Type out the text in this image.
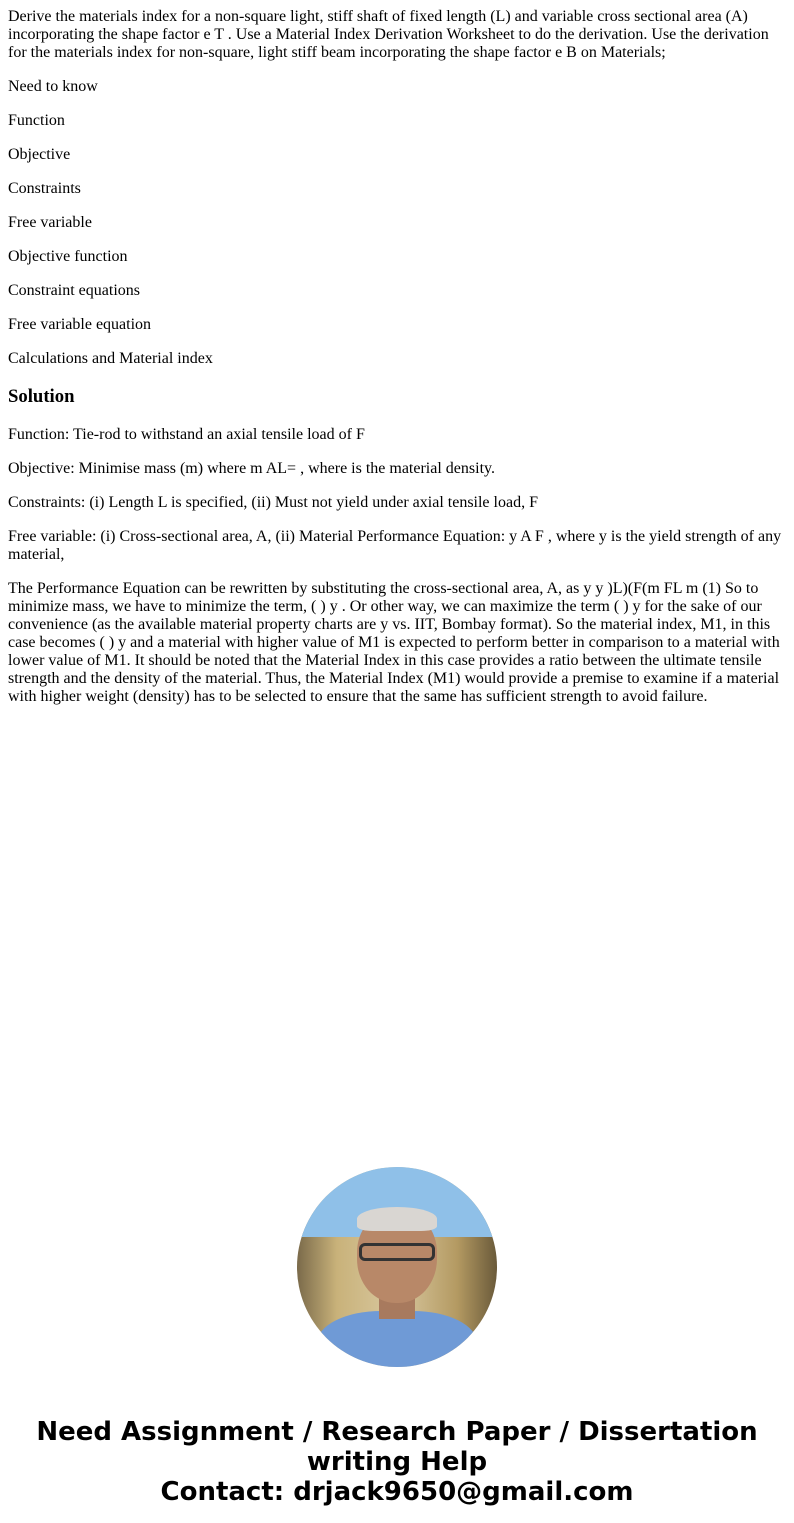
Derive the materials index for a non-square light, stiff shaft of fixed length (L) and variable cross sectional area (A) incorporating the shape factor e T . Use a Material Index Derivation Worksheet to do the derivation. Use the derivation for the materials index for non-square, light stiff beam incorporating the shape factor e B on Materials;

Need to know

Function

Objective

Constraints

Free variable

Objective function

Constraint equations

Free variable equation

Calculations and Material index

Solution

Function: Tie-rod to withstand an axial tensile load of F

Objective: Minimise mass (m) where m AL= , where is the material density.

Constraints: (i) Length L is specified, (ii) Must not yield under axial tensile load, F

Free variable: (i) Cross-sectional area, A, (ii) Material Performance Equation: y A F , where y is the yield strength of any material,

The Performance Equation can be rewritten by substituting the cross-sectional area, A, as y y )L)(F(m FL m (1) So to minimize mass, we have to minimize the term, ( ) y . Or other way, we can maximize the term ( ) y for the sake of our convenience (as the available material property charts are y vs. IIT, Bombay format). So the material index, M1, in this case becomes ( ) y and a material with higher value of M1 is expected to perform better in comparison to a material with lower value of M1. It should be noted that the Material Index in this case provides a ratio between the ultimate tensile strength and the density of the material. Thus, the Material Index (M1) would provide a premise to examine if a material with higher weight (density) has to be selected to ensure that the same has sufficient strength to avoid failure.

Need Assignment / Research Paper / Dissertation writing Help
Contact: drjack9650@gmail.com
